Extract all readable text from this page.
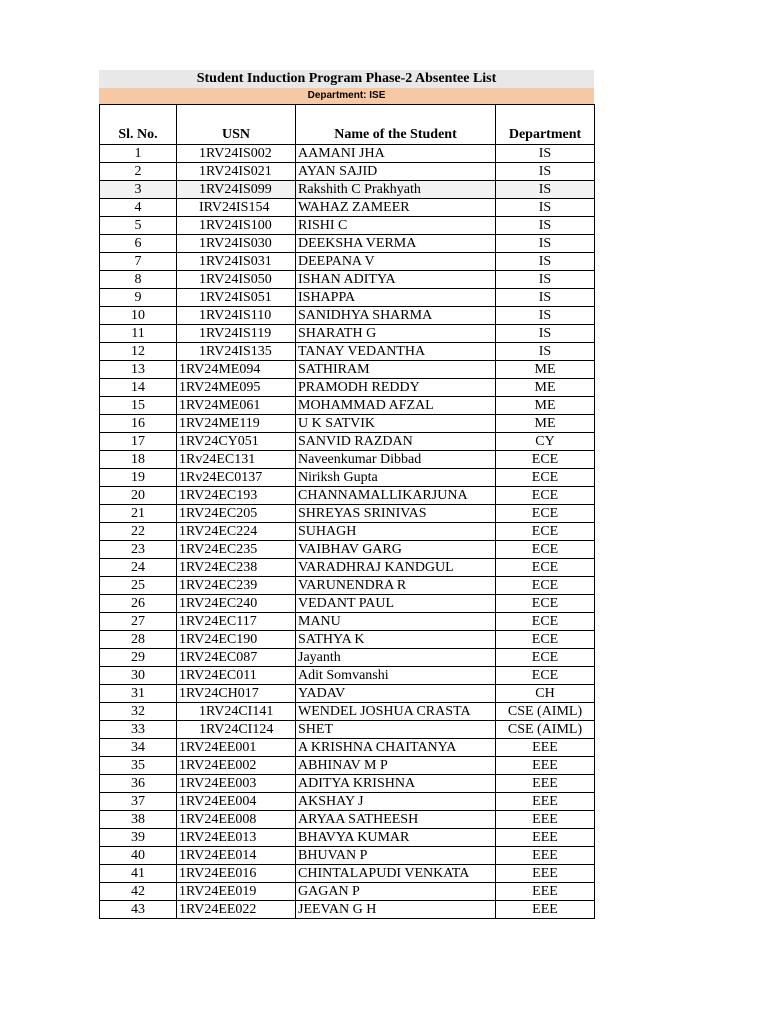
Student Induction Program Phase-2 Absentee List
Department: ISE
Sl. No.	USN	Name of the Student	Department
1	1RV24IS002	AAMANI JHA	IS
2	1RV24IS021	AYAN SAJID	IS
3	1RV24IS099	Rakshith C Prakhyath	IS
4	IRV24IS154	WAHAZ ZAMEER	IS
5	1RV24IS100	RISHI C	IS
6	1RV24IS030	DEEKSHA VERMA	IS
7	1RV24IS031	DEEPANA V	IS
8	1RV24IS050	ISHAN ADITYA	IS
9	1RV24IS051	ISHAPPA	IS
10	1RV24IS110	SANIDHYA SHARMA	IS
11	1RV24IS119	SHARATH G	IS
12	1RV24IS135	TANAY VEDANTHA	IS
13	1RV24ME094	SATHIRAM	ME
14	1RV24ME095	PRAMODH REDDY	ME
15	1RV24ME061	MOHAMMAD AFZAL	ME
16	1RV24ME119	U K SATVIK	ME
17	1RV24CY051	SANVID RAZDAN	CY
18	1Rv24EC131	Naveenkumar Dibbad	ECE
19	1Rv24EC0137	Niriksh Gupta	ECE
20	1RV24EC193	CHANNAMALLIKARJUNA	ECE
21	1RV24EC205	SHREYAS SRINIVAS	ECE
22	1RV24EC224	SUHAGH	ECE
23	1RV24EC235	VAIBHAV GARG	ECE
24	1RV24EC238	VARADHRAJ KANDGUL	ECE
25	1RV24EC239	VARUNENDRA R	ECE
26	1RV24EC240	VEDANT PAUL	ECE
27	1RV24EC117	MANU	ECE
28	1RV24EC190	SATHYA K	ECE
29	1RV24EC087	Jayanth	ECE
30	1RV24EC011	Adit Somvanshi	ECE
31	1RV24CH017	YADAV	CH
32	1RV24CI141	WENDEL JOSHUA CRASTA	CSE (AIML)
33	1RV24CI124	SHET	CSE (AIML)
34	1RV24EE001	A KRISHNA CHAITANYA	EEE
35	1RV24EE002	ABHINAV M P	EEE
36	1RV24EE003	ADITYA KRISHNA	EEE
37	1RV24EE004	AKSHAY J	EEE
38	1RV24EE008	ARYAA SATHEESH	EEE
39	1RV24EE013	BHAVYA KUMAR	EEE
40	1RV24EE014	BHUVAN P	EEE
41	1RV24EE016	CHINTALAPUDI VENKATA	EEE
42	1RV24EE019	GAGAN P	EEE
43	1RV24EE022	JEEVAN G H	EEE
